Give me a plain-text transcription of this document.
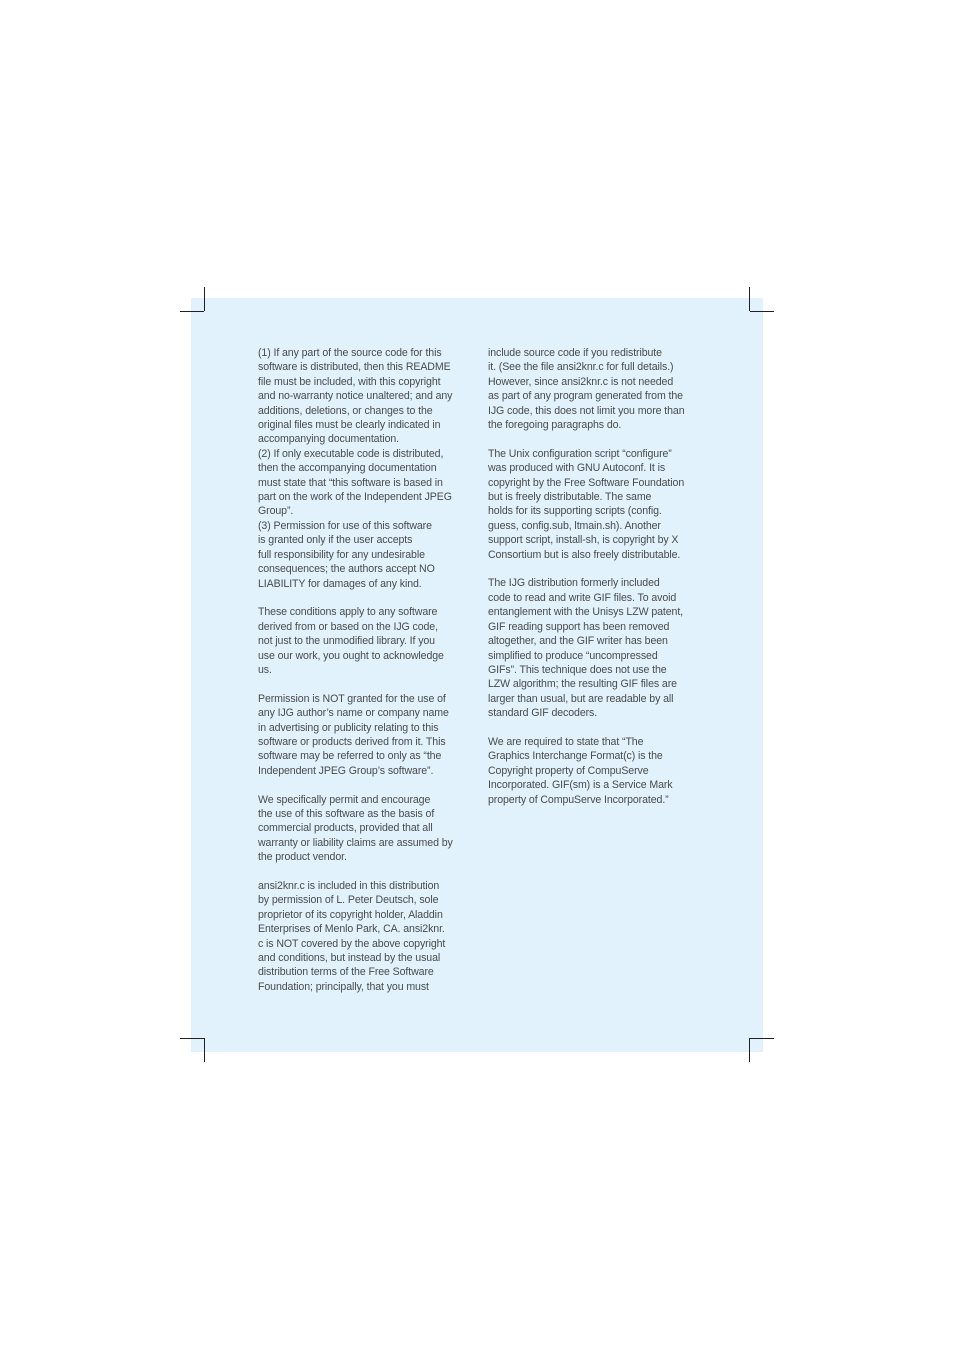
(1) If any part of the source code for this
software is distributed, then this README
file must be included, with this copyright
and no-warranty notice unaltered; and any
additions, deletions, or changes to the
original files must be clearly indicated in
accompanying documentation.

(2) If only executable code is distributed,
then the accompanying documentation
must state that “this software is based in
part on the work of the Independent JPEG
Group”.

(3) Permission for use of this software
is granted only if the user accepts
full responsibility for any undesirable
consequences; the authors accept NO
LIABILITY for damages of any kind.

These conditions apply to any software
derived from or based on the IJG code,
not just to the unmodified library. If you
use our work, you ought to acknowledge
us.

Permission is NOT granted for the use of
any IJG author’s name or company name
in advertising or publicity relating to this
software or products derived from it. This
software may be referred to only as “the
Independent JPEG Group’s software”.

We specifically permit and encourage
the use of this software as the basis of
commercial products, provided that all
warranty or liability claims are assumed by
the product vendor.

ansi2knr.c is included in this distribution
by permission of L. Peter Deutsch, sole
proprietor of its copyright holder, Aladdin
Enterprises of Menlo Park, CA. ansi2knr.
c is NOT covered by the above copyright
and conditions, but instead by the usual
distribution terms of the Free Software
Foundation; principally, that you must

include source code if you redistribute
it. (See the file ansi2knr.c for full details.)
However, since ansi2knr.c is not needed
as part of any program generated from the
IJG code, this does not limit you more than
the foregoing paragraphs do.

The Unix configuration script “configure”
was produced with GNU Autoconf. It is
copyright by the Free Software Foundation
but is freely distributable. The same
holds for its supporting scripts (config.
guess, config.sub, ltmain.sh). Another
support script, install-sh, is copyright by X
Consortium but is also freely distributable.

The IJG distribution formerly included
code to read and write GIF files. To avoid
entanglement with the Unisys LZW patent,
GIF reading support has been removed
altogether, and the GIF writer has been
simplified to produce “uncompressed
GIFs”. This technique does not use the
LZW algorithm; the resulting GIF files are
larger than usual, but are readable by all
standard GIF decoders.

We are required to state that “The
Graphics Interchange Format(c) is the
Copyright property of CompuServe
Incorporated. GIF(sm) is a Service Mark
property of CompuServe Incorporated.”
